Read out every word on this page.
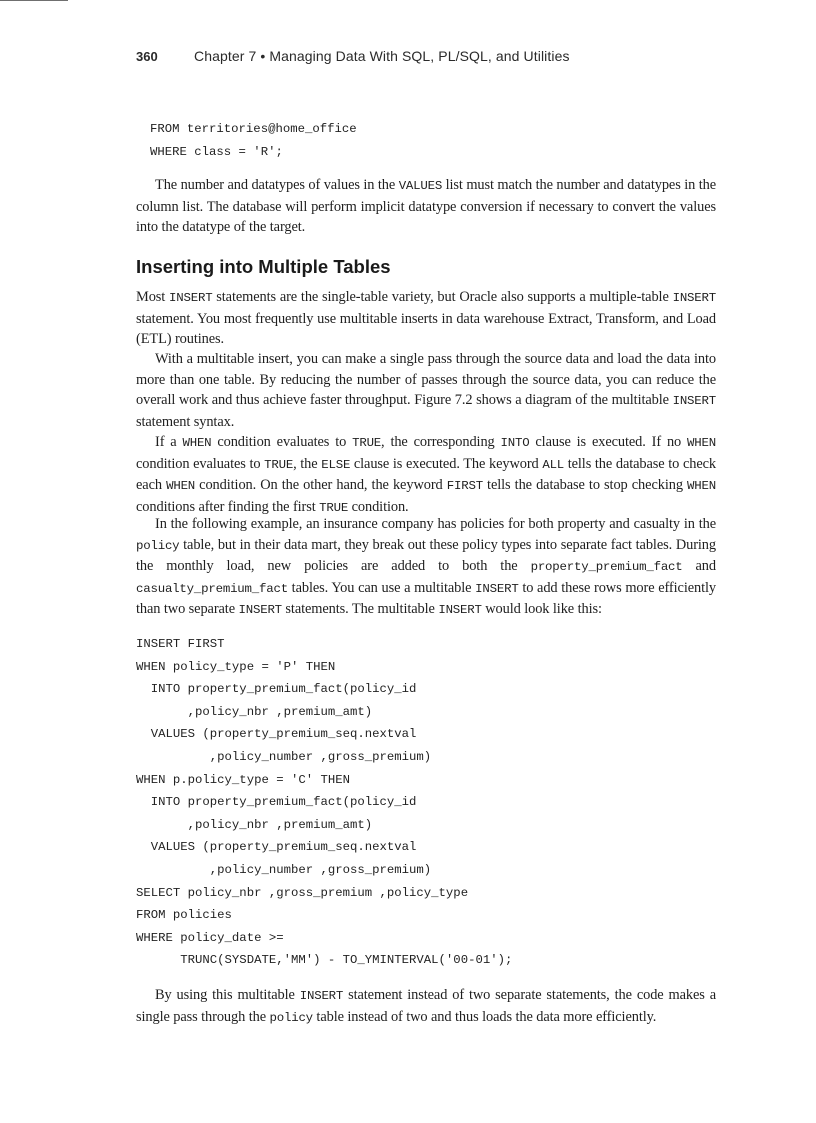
360	Chapter 7 • Managing Data With SQL, PL/SQL, and Utilities
FROM territories@home_office
WHERE class = 'R';

The number and datatypes of values in the VALUES list must match the number and datatypes in the column list. The database will perform implicit datatype conversion if necessary to convert the values into the datatype of the target.

Inserting into Multiple Tables

Most INSERT statements are the single-table variety, but Oracle also supports a multiple-table INSERT statement. You most frequently use multitable inserts in data warehouse Extract, Transform, and Load (ETL) routines.

With a multitable insert, you can make a single pass through the source data and load the data into more than one table. By reducing the number of passes through the source data, you can reduce the overall work and thus achieve faster throughput. Figure 7.2 shows a diagram of the multitable INSERT statement syntax.

If a WHEN condition evaluates to TRUE, the corresponding INTO clause is executed. If no WHEN condition evaluates to TRUE, the ELSE clause is executed. The keyword ALL tells the database to check each WHEN condition. On the other hand, the keyword FIRST tells the database to stop checking WHEN conditions after finding the first TRUE condition.

In the following example, an insurance company has policies for both property and casualty in the policy table, but in their data mart, they break out these policy types into separate fact tables. During the monthly load, new policies are added to both the property_premium_fact and casualty_premium_fact tables. You can use a multitable INSERT to add these rows more efficiently than two separate INSERT statements. The multitable INSERT would look like this:

INSERT FIRST
WHEN policy_type = 'P' THEN
INTO property_premium_fact(policy_id
,policy_nbr ,premium_amt)
VALUES (property_premium_seq.nextval
,policy_number ,gross_premium)
WHEN p.policy_type = 'C' THEN
INTO property_premium_fact(policy_id
,policy_nbr ,premium_amt)
VALUES (property_premium_seq.nextval
,policy_number ,gross_premium)
SELECT policy_nbr ,gross_premium ,policy_type
FROM policies
WHERE policy_date >=
TRUNC(SYSDATE,'MM') - TO_YMINTERVAL('00-01');

By using this multitable INSERT statement instead of two separate statements, the code makes a single pass through the policy table instead of two and thus loads the data more efficiently.
